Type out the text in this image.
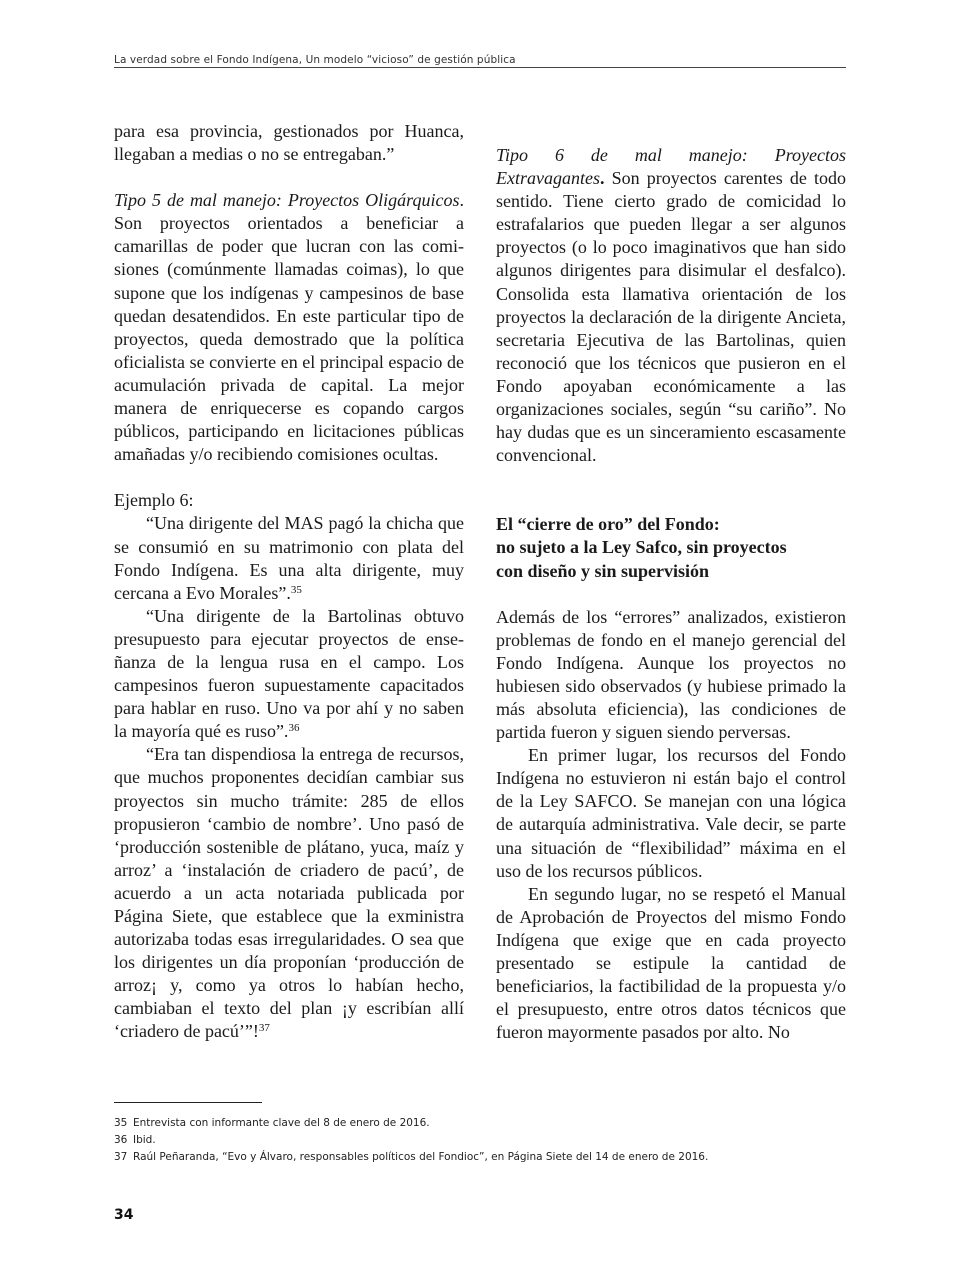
La verdad sobre el Fondo Indígena, Un modelo “vicioso” de gestión pública

para esa provincia, gestionados por Huanca, llegaban a medias o no se entregaban.”

Tipo 5 de mal manejo: Proyectos Oligárquicos. Son proyectos orientados a beneficiar a camarillas de poder que lucran con las comisiones (comúnmente llamadas coimas), lo que supone que los indígenas y campesinos de base quedan desatendidos. En este particular tipo de proyectos, queda demostrado que la política oficialista se convierte en el principal espacio de acumulación privada de capital. La mejor manera de enriquecerse es copando cargos públicos, participando en licitaciones públicas amañadas y/o recibiendo comisiones ocultas.

Ejemplo 6:

“Una dirigente del MAS pagó la chicha que se consumió en su matrimonio con plata del Fondo Indígena. Es una alta dirigente, muy cercana a Evo Morales”.$^{35}$

“Una dirigente de la Bartolinas obtuvo presupuesto para ejecutar proyectos de enseñanza de la lengua rusa en el campo. Los campesinos fueron supuestamente capacitados para hablar en ruso. Uno va por ahí y no saben la mayoría qué es ruso”.$^{36}$

“Era tan dispendiosa la entrega de recursos, que muchos proponentes decidían cambiar sus proyectos sin mucho trámite: 285 de ellos propusieron ‘cambio de nombre’. Uno pasó de ‘producción sostenible de plátano, yuca, maíz y arroz’ a ‘instalación de criadero de pacú’, de acuerdo a un acta notariada publicada por Página Siete, que establece que la exministra autorizaba todas esas irregularidades. O sea que los dirigentes un día proponían ‘producción de arroz¡ y, como ya otros lo habían hecho, cambiaban el texto del plan ¡y escribían allí ‘criadero de pacú’”!$^{37}$

Tipo 6 de mal manejo: Proyectos Extravagantes. Son proyectos carentes de todo sentido. Tiene cierto grado de comicidad lo estrafalarios que pueden llegar a ser algunos proyectos (o lo poco imaginativos que han sido algunos dirigentes para disimular el desfalco). Consolida esta llamativa orientación de los proyectos la declaración de la dirigente Ancieta, secretaria Ejecutiva de las Bartolinas, quien reconoció que los técnicos que pusieron en el Fondo apoyaban económicamente a las organizaciones sociales, según “su cariño”. No hay dudas que es un sinceramiento escasamente convencional.

El “cierre de oro” del Fondo:
no sujeto a la Ley Safco, sin proyectos
con diseño y sin supervisión

Además de los “errores” analizados, existieron problemas de fondo en el manejo gerencial del Fondo Indígena. Aunque los proyectos no hubiesen sido observados (y hubiese primado la más absoluta eficiencia), las condiciones de partida fueron y siguen siendo perversas.

En primer lugar, los recursos del Fondo Indígena no estuvieron ni están bajo el control de la Ley SAFCO. Se manejan con una lógica de autarquía administrativa. Vale decir, se parte una situación de “flexibilidad” máxima en el uso de los recursos públicos.

En segundo lugar, no se respetó el Manual de Aprobación de Proyectos del mismo Fondo Indígena que exige que en cada proyecto presentado se estipule la cantidad de beneficiarios, la factibilidad de la propuesta y/o el presupuesto, entre otros datos técnicos que fueron mayormente pasados por alto. No

35 Entrevista con informante clave del 8 de enero de 2016.
36 Ibid.
37 Raúl Peñaranda, “Evo y Álvaro, responsables políticos del Fondioc”, en Página Siete del 14 de enero de 2016.
34
